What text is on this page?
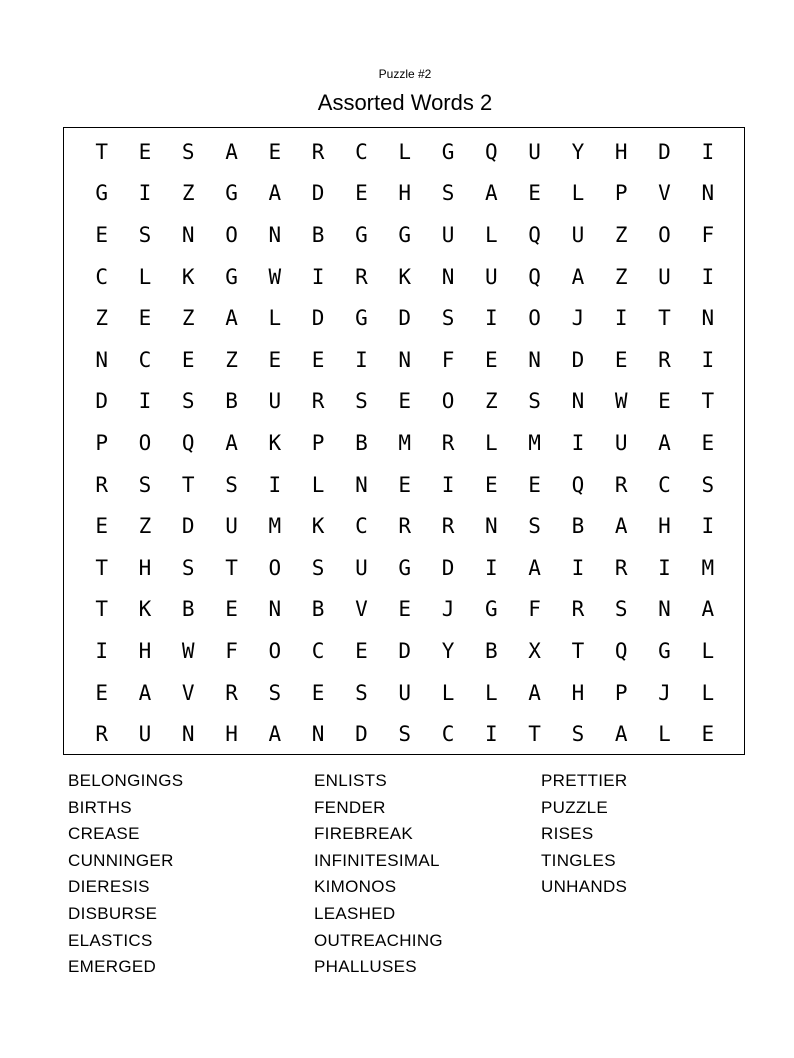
Puzzle #2
Assorted Words 2
T	E	S	A	E	R	C	L	G	Q	U	Y	H	D	I
G	I	Z	G	A	D	E	H	S	A	E	L	P	V	N
E	S	N	O	N	B	G	G	U	L	Q	U	Z	O	F
C	L	K	G	W	I	R	K	N	U	Q	A	Z	U	I
Z	E	Z	A	L	D	G	D	S	I	O	J	I	T	N
N	C	E	Z	E	E	I	N	F	E	N	D	E	R	I
D	I	S	B	U	R	S	E	O	Z	S	N	W	E	T
P	O	Q	A	K	P	B	M	R	L	M	I	U	A	E
R	S	T	S	I	L	N	E	I	E	E	Q	R	C	S
E	Z	D	U	M	K	C	R	R	N	S	B	A	H	I
T	H	S	T	O	S	U	G	D	I	A	I	R	I	M
T	K	B	E	N	B	V	E	J	G	F	R	S	N	A
I	H	W	F	O	C	E	D	Y	B	X	T	Q	G	L
E	A	V	R	S	E	S	U	L	L	A	H	P	J	L
R	U	N	H	A	N	D	S	C	I	T	S	A	L	E
BELONGINGS
BIRTHS
CREASE
CUNNINGER
DIERESIS
DISBURSE
ELASTICS
EMERGED
ENLISTS
FENDER
FIREBREAK
INFINITESIMAL
KIMONOS
LEASHED
OUTREACHING
PHALLUSES
PRETTIER
PUZZLE
RISES
TINGLES
UNHANDS
